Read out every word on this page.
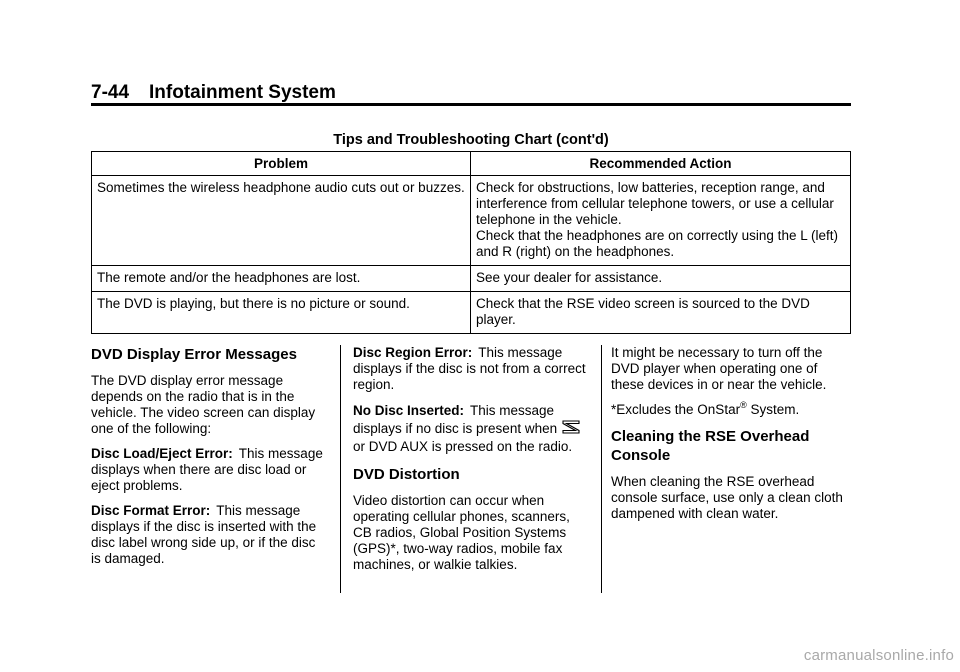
7-44 Infotainment System
Tips and Troubleshooting Chart (cont'd)
Problem	Recommended Action
Sometimes the wireless headphone audio cuts out or buzzes.	Check for obstructions, low batteries, reception range, and interference from cellular telephone towers, or use a cellular telephone in the vehicle.
Check that the headphones are on correctly using the L (left) and R (right) on the headphones.

The remote and/or the headphones are lost.	See your dealer for assistance.

The DVD is playing, but there is no picture or sound.	Check that the RSE video screen is sourced to the DVD player.
DVD Display Error Messages

The DVD display error message depends on the radio that is in the vehicle. The video screen can display one of the following:

Disc Load/Eject Error: This message displays when there are disc load or eject problems.

Disc Format Error: This message displays if the disc is inserted with the disc label wrong side up, or if the disc is damaged.

Disc Region Error: This message displays if the disc is not from a correct region.

No Disc Inserted: This message displays if no disc is present when or DVD AUX is pressed on the radio.

DVD Distortion

Video distortion can occur when operating cellular phones, scanners, CB radios, Global Position Systems (GPS)*, two-way radios, mobile fax machines, or walkie talkies.

It might be necessary to turn off the DVD player when operating one of these devices in or near the vehicle.

*Excludes the OnStar® System.

Cleaning the RSE Overhead Console

When cleaning the RSE overhead console surface, use only a clean cloth dampened with clean water.

carmanualsonline.info
